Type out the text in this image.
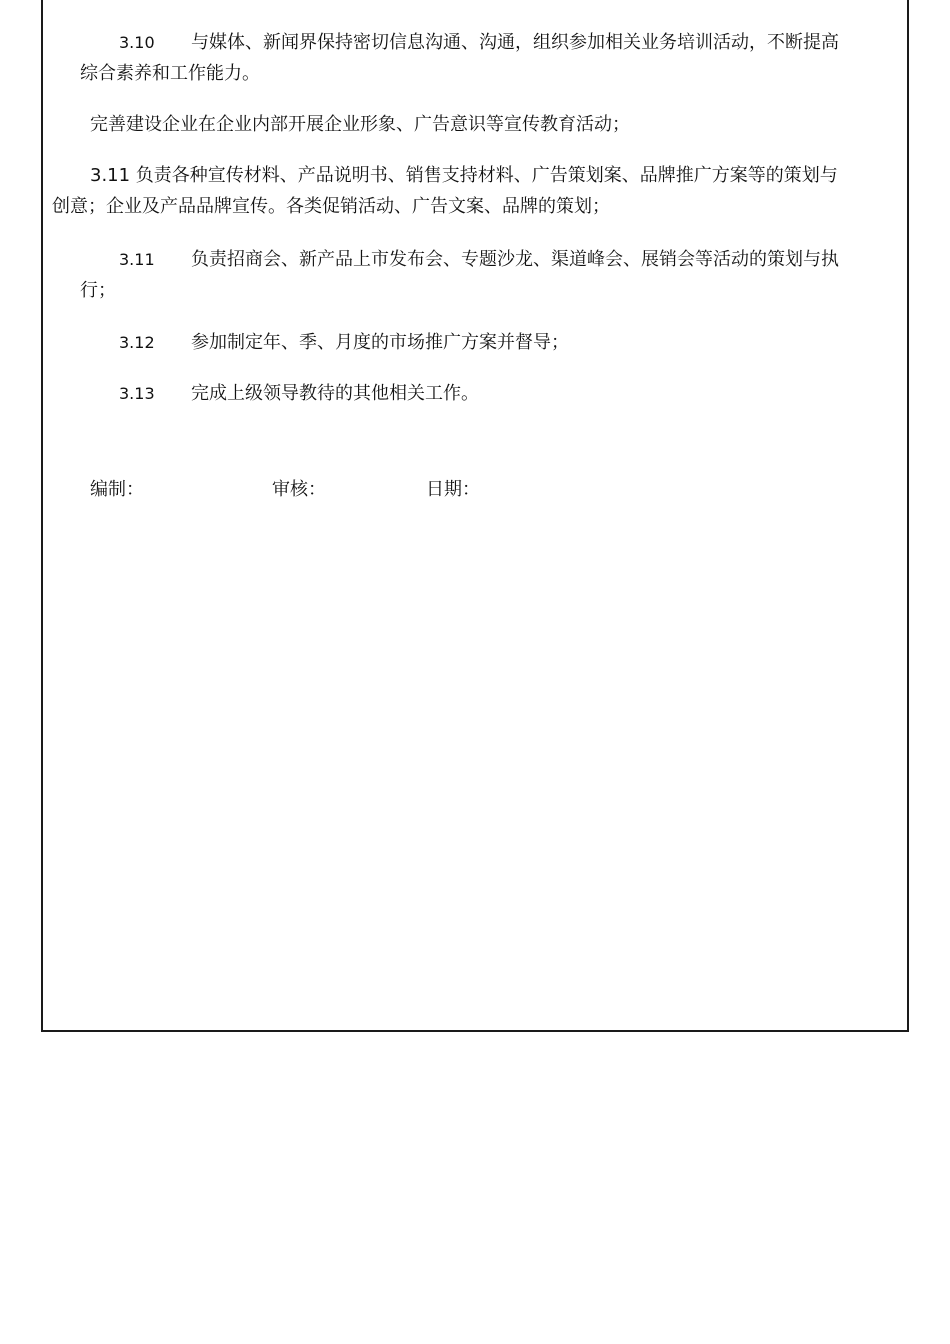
3.10 与媒体、新闻界保持密切信息沟通、沟通，组织参加相关业务培训活动，不断提高
综合素养和工作能力。
完善建设企业在企业内部开展企业形象、广告意识等宣传教育活动；
3.11 负责各种宣传材料、产品说明书、销售支持材料、广告策划案、品牌推广方案等的策划与
创意；企业及产品品牌宣传。各类促销活动、广告文案、品牌的策划；
3.11 负责招商会、新产品上市发布会、专题沙龙、渠道峰会、展销会等活动的策划与执
行；
3.12 参加制定年、季、月度的市场推广方案并督导；
3.13 完成上级领导教待的其他相关工作。
编制：	审核：	日期：
